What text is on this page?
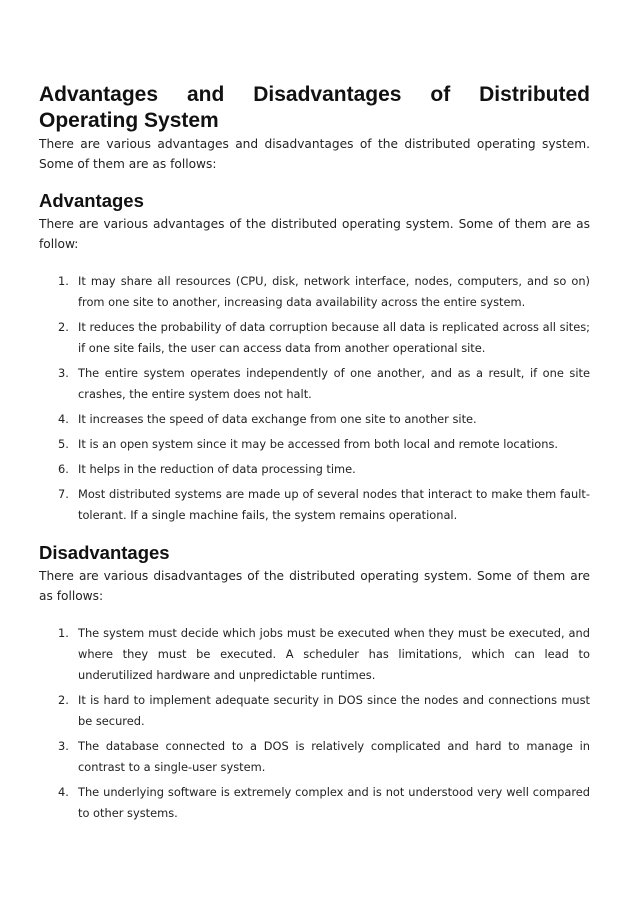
Advantages and Disadvantages of Distributed
Operating System

There are various advantages and disadvantages of the distributed operating system. Some of them are as follows:

Advantages

There are various advantages of the distributed operating system. Some of them are as follow:

1. It may share all resources (CPU, disk, network interface, nodes, computers, and so on) from one site to another, increasing data availability across the entire system.
2. It reduces the probability of data corruption because all data is replicated across all sites; if one site fails, the user can access data from another operational site.
3. The entire system operates independently of one another, and as a result, if one site crashes, the entire system does not halt.
4. It increases the speed of data exchange from one site to another site.
5. It is an open system since it may be accessed from both local and remote locations.
6. It helps in the reduction of data processing time.
7. Most distributed systems are made up of several nodes that interact to make them fault-tolerant. If a single machine fails, the system remains operational.
Disadvantages

There are various disadvantages of the distributed operating system. Some of them are as follows:

1. The system must decide which jobs must be executed when they must be executed, and where they must be executed. A scheduler has limitations, which can lead to underutilized hardware and unpredictable runtimes.
2. It is hard to implement adequate security in DOS since the nodes and connections must be secured.
3. The database connected to a DOS is relatively complicated and hard to manage in contrast to a single-user system.
4. The underlying software is extremely complex and is not understood very well compared to other systems.
